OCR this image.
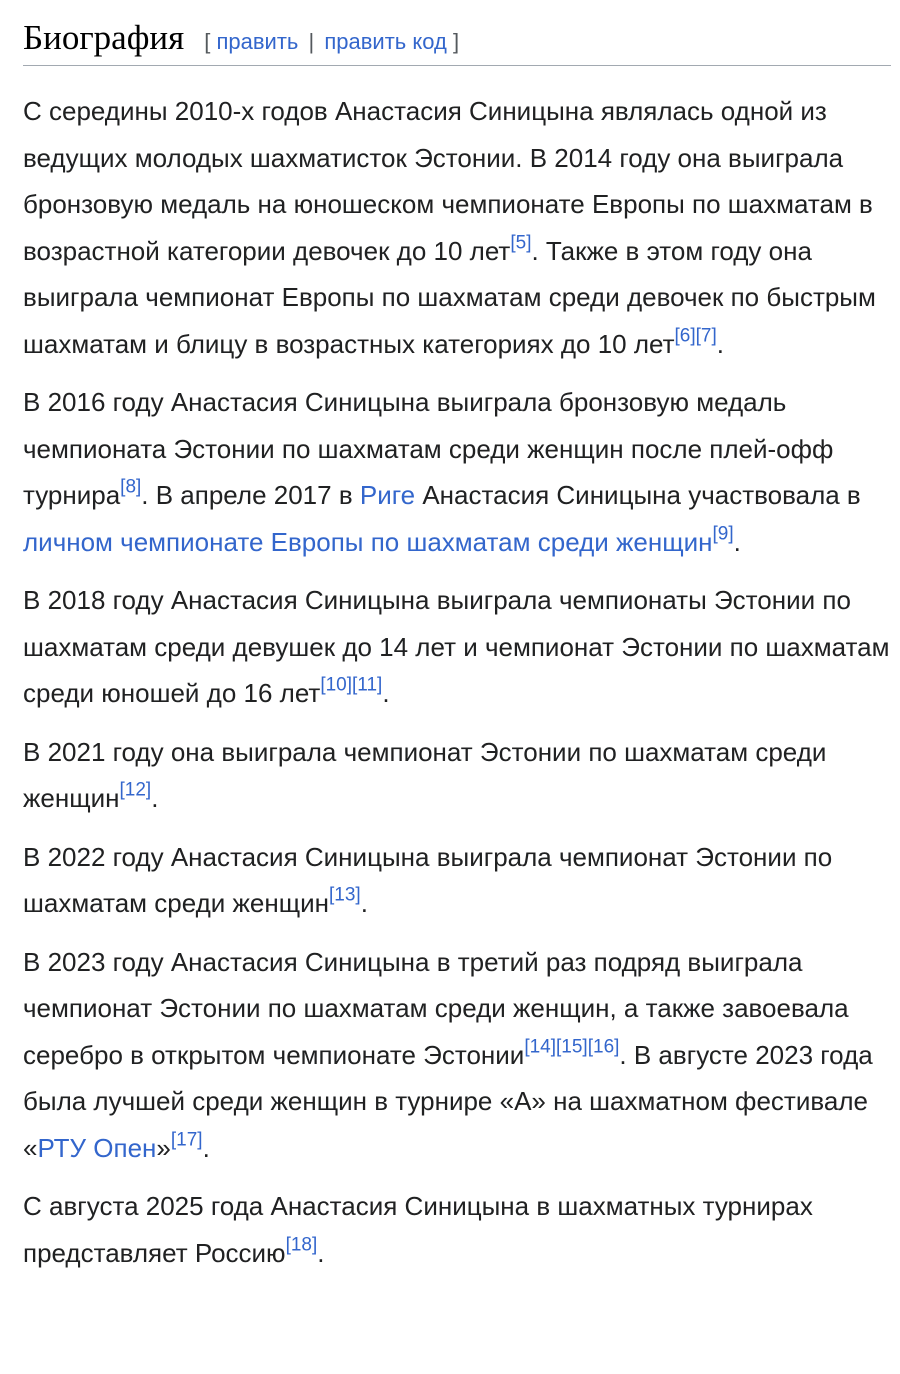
Биография [ править | править код ]

С середины 2010-х годов Анастасия Синицына являлась одной из ведущих молодых шахматисток Эстонии. В 2014 году она выиграла бронзовую медаль на юношеском чемпионате Европы по шахматам в возрастной категории девочек до 10 лет[5]. Также в этом году она выиграла чемпионат Европы по шахматам среди девочек по быстрым шахматам и блицу в возрастных категориях до 10 лет[6][7].

В 2016 году Анастасия Синицына выиграла бронзовую медаль чемпионата Эстонии по шахматам среди женщин после плей-офф турнира[8]. В апреле 2017 в Риге Анастасия Синицына участвовала в личном чемпионате Европы по шахматам среди женщин[9].

В 2018 году Анастасия Синицына выиграла чемпионаты Эстонии по шахматам среди девушек до 14 лет и чемпионат Эстонии по шахматам среди юношей до 16 лет[10][11].

В 2021 году она выиграла чемпионат Эстонии по шахматам среди женщин[12].

В 2022 году Анастасия Синицына выиграла чемпионат Эстонии по шахматам среди женщин[13].

В 2023 году Анастасия Синицына в третий раз подряд выиграла чемпионат Эстонии по шахматам среди женщин, а также завоевала серебро в открытом чемпионате Эстонии[14][15][16]. В августе 2023 года была лучшей среди женщин в турнире «А» на шахматном фестивале «РТУ Опен»[17].

С августа 2025 года Анастасия Синицына в шахматных турнирах представляет Россию[18].
